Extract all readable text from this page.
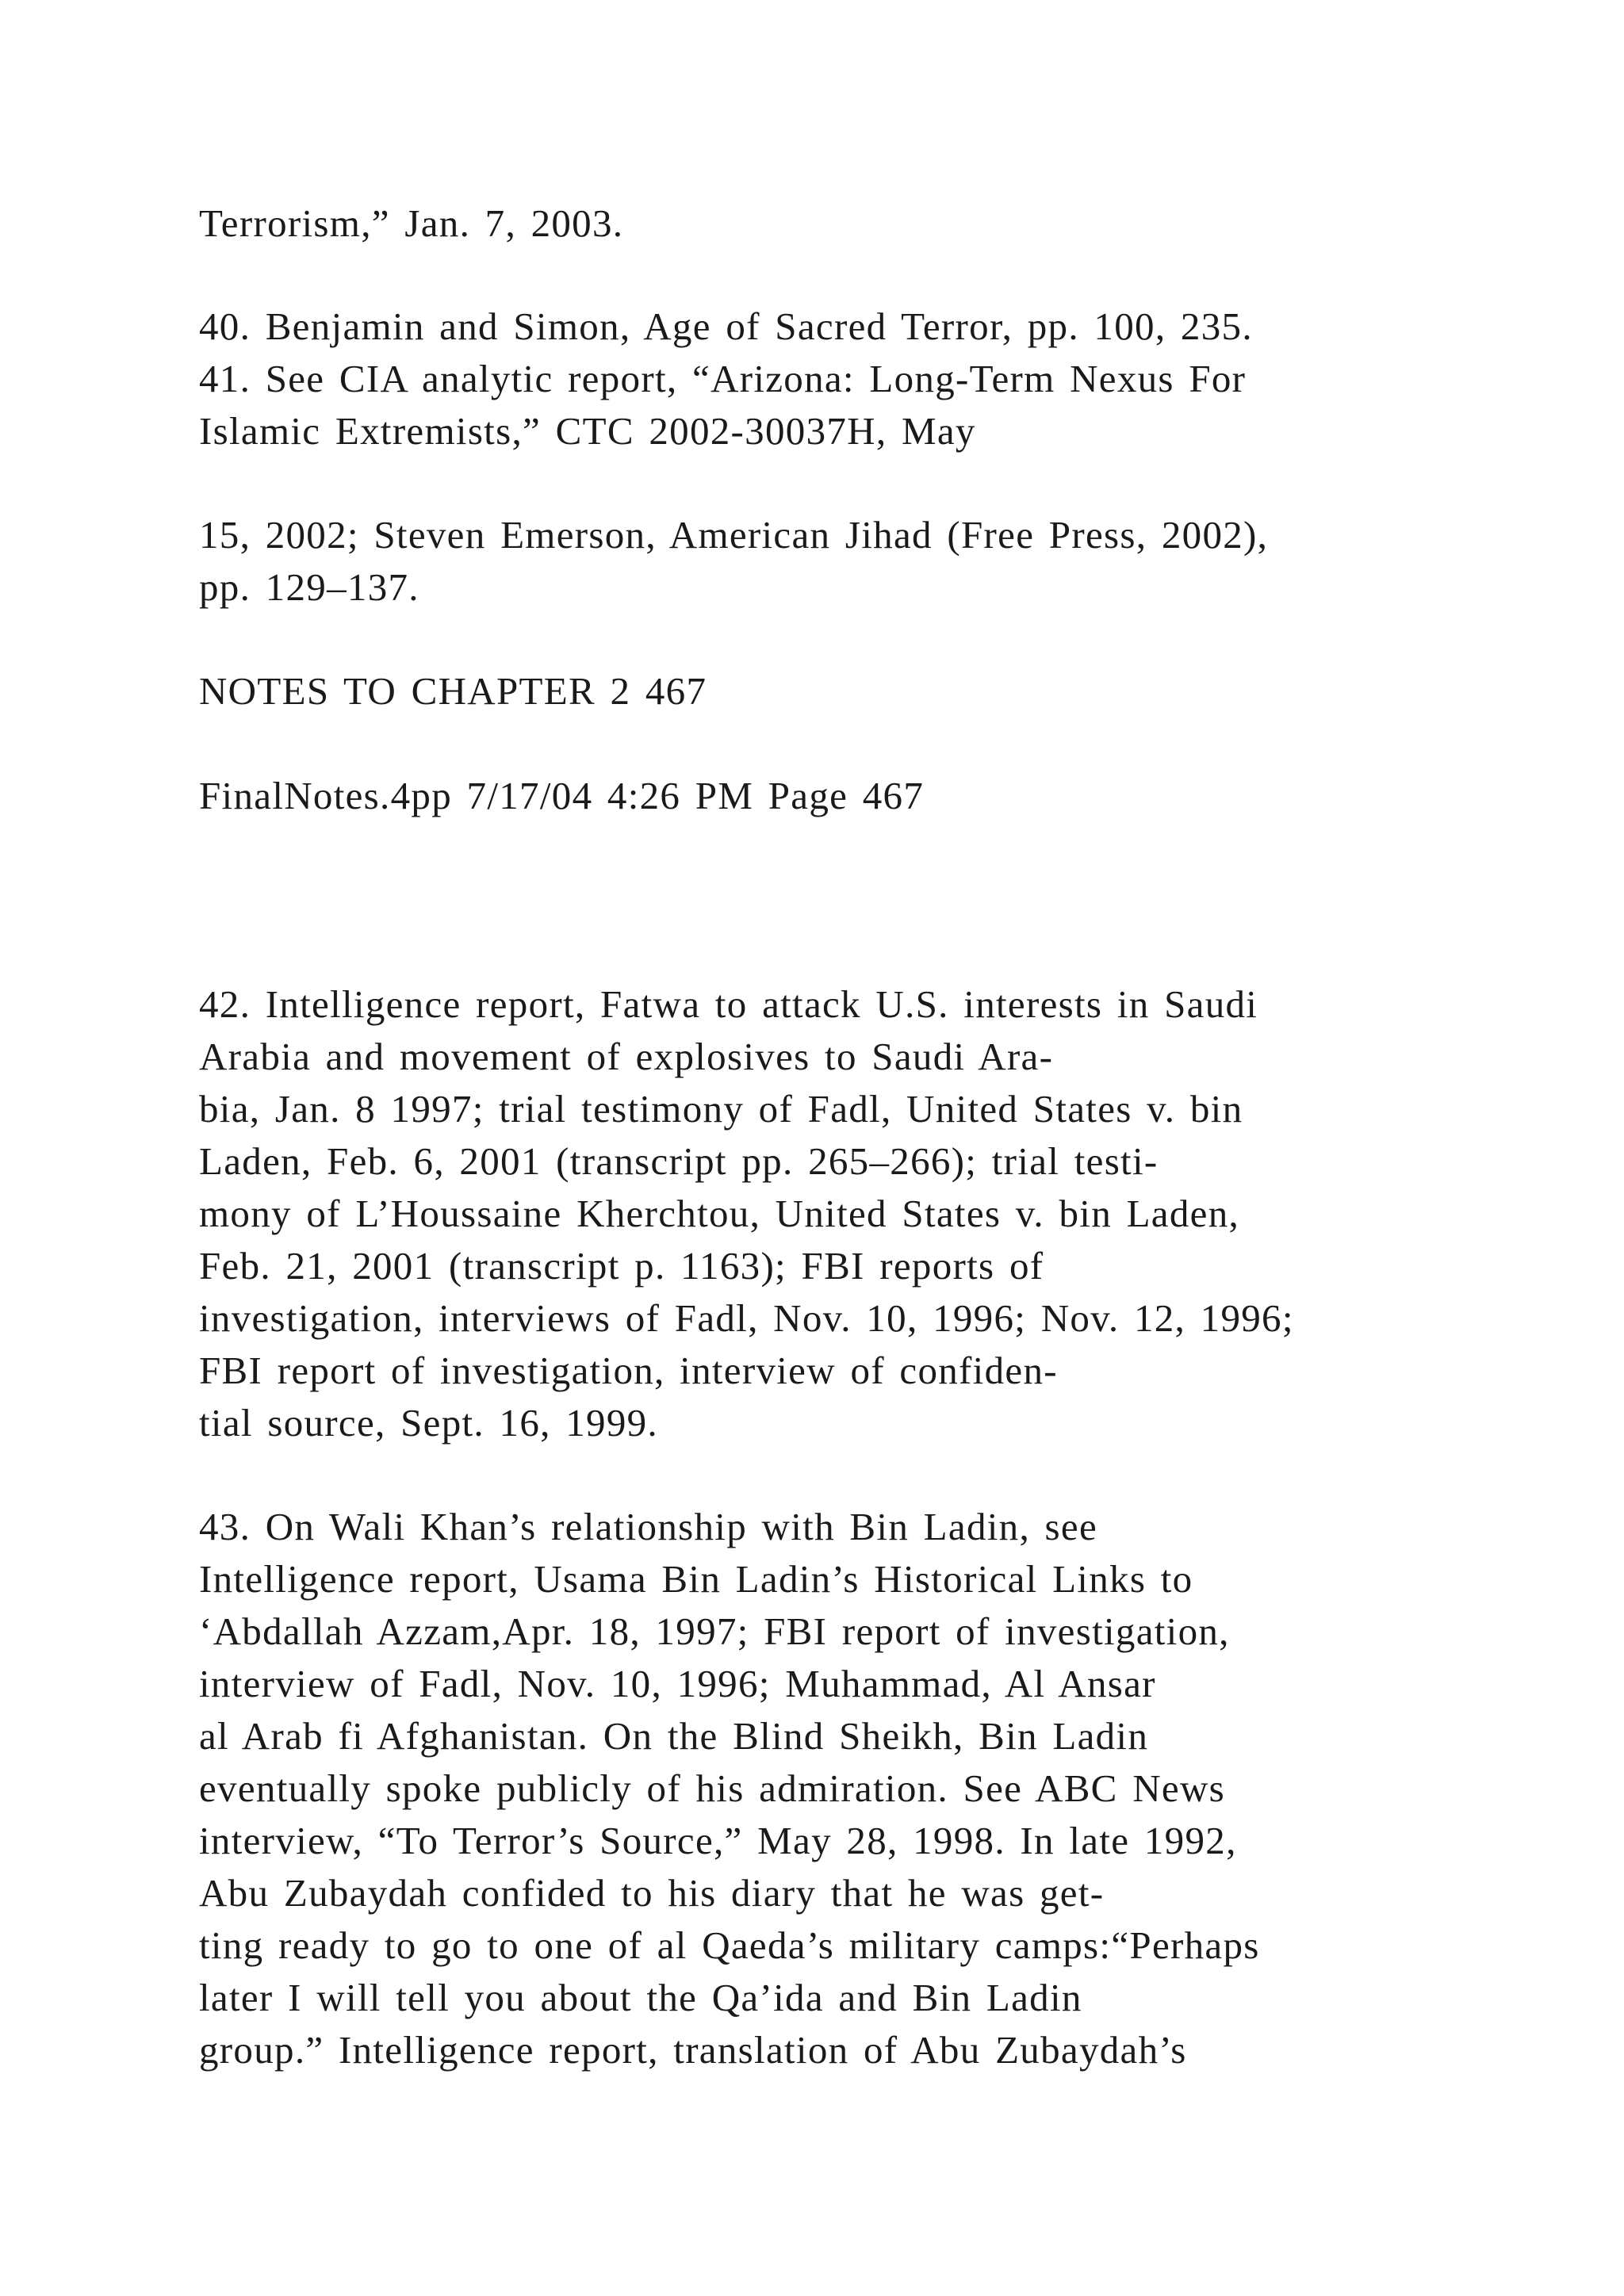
Terrorism,” Jan. 7, 2003.

40. Benjamin and Simon, Age of Sacred Terror, pp. 100, 235.

41. See CIA analytic report, “Arizona: Long-Term Nexus For

Islamic Extremists,” CTC 2002-30037H, May

15, 2002; Steven Emerson, American Jihad (Free Press, 2002),

pp. 129–137.

NOTES TO CHAPTER 2 467

FinalNotes.4pp 7/17/04 4:26 PM Page 467

42. Intelligence report, Fatwa to attack U.S. interests in Saudi

Arabia and movement of explosives to Saudi Ara-

bia, Jan. 8 1997; trial testimony of Fadl, United States v. bin

Laden, Feb. 6, 2001 (transcript pp. 265–266); trial testi-

mony of L’Houssaine Kherchtou, United States v. bin Laden,

Feb. 21, 2001 (transcript p. 1163); FBI reports of

investigation, interviews of Fadl, Nov. 10, 1996; Nov. 12, 1996;

FBI report of investigation, interview of confiden-

tial source, Sept. 16, 1999.

43. On Wali Khan’s relationship with Bin Ladin, see

Intelligence report, Usama Bin Ladin’s Historical Links to

‘Abdallah Azzam,Apr. 18, 1997; FBI report of investigation,

interview of Fadl, Nov. 10, 1996; Muhammad, Al Ansar

al Arab fi Afghanistan. On the Blind Sheikh, Bin Ladin

eventually spoke publicly of his admiration. See ABC News

interview, “To Terror’s Source,” May 28, 1998. In late 1992,

Abu Zubaydah confided to his diary that he was get-

ting ready to go to one of al Qaeda’s military camps:“Perhaps

later I will tell you about the Qa’ida and Bin Ladin

group.” Intelligence report, translation of Abu Zubaydah’s
